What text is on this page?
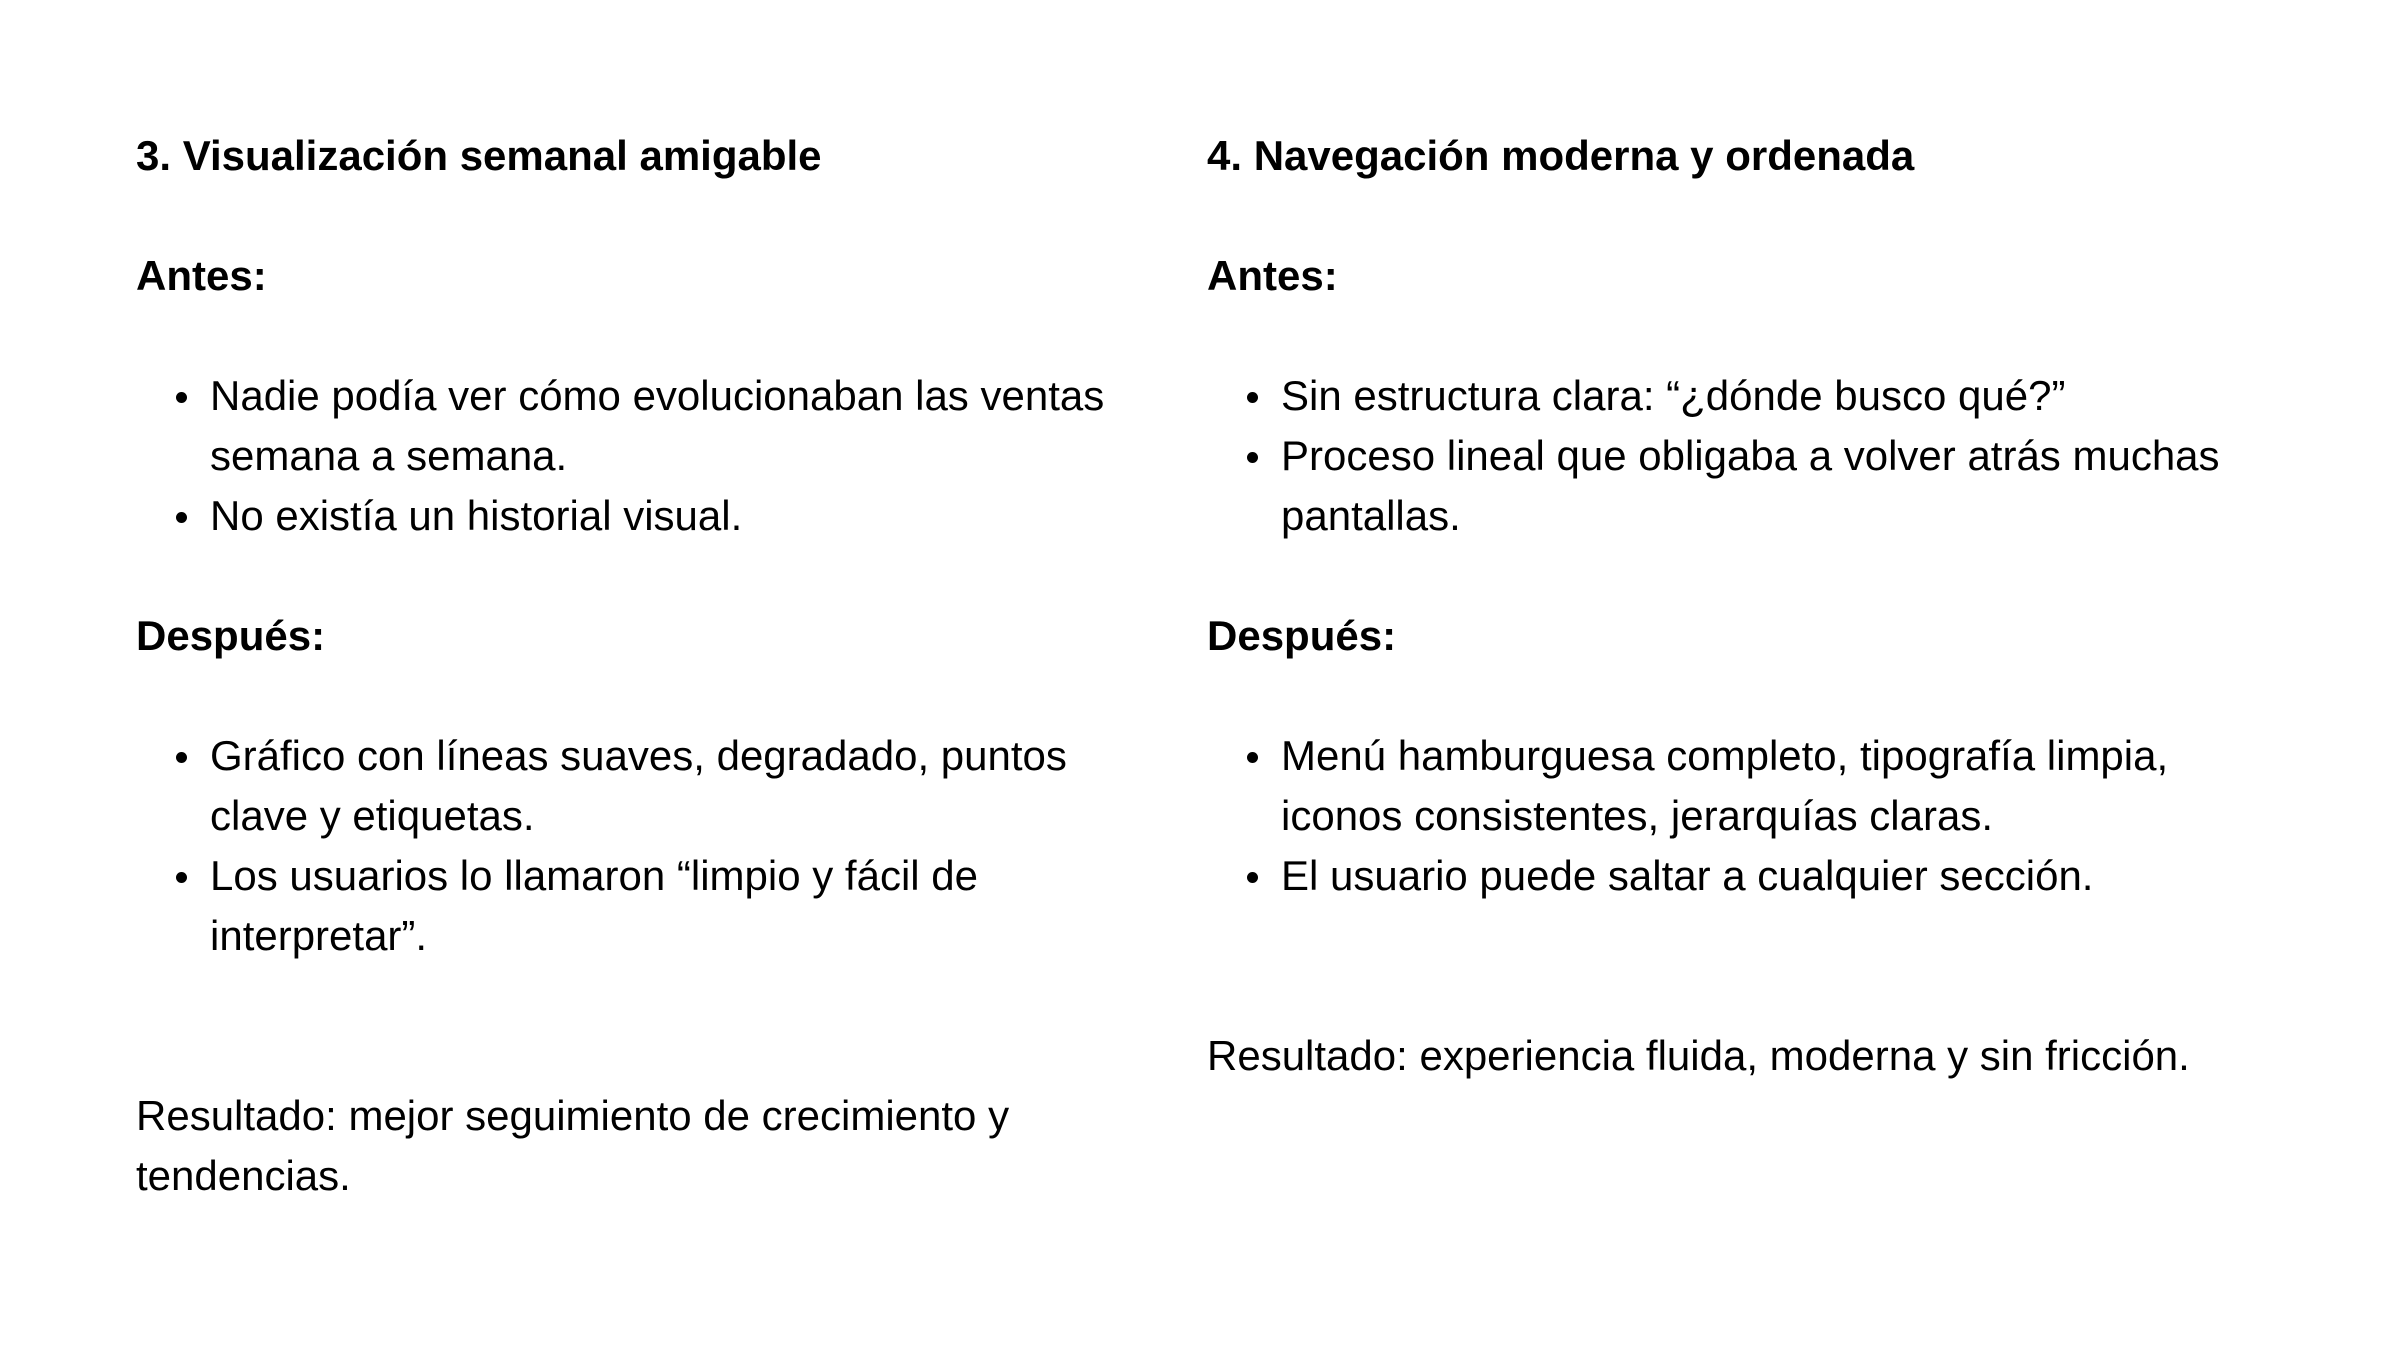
3. Visualización semanal amigable
Antes:
Nadie podía ver cómo evolucionaban las ventas semana a semana.
No existía un historial visual.
Después:
Gráfico con líneas suaves, degradado, puntos clave y etiquetas.
Los usuarios lo llamaron “limpio y fácil de interpretar”.

Resultado: mejor seguimiento de crecimiento y tendencias.

4. Navegación moderna y ordenada
Antes:
Sin estructura clara: “¿dónde busco qué?”
Proceso lineal que obligaba a volver atrás muchas pantallas.
Después:
Menú hamburguesa completo, tipografía limpia, iconos consistentes, jerarquías claras.
El usuario puede saltar a cualquier sección.

Resultado: experiencia fluida, moderna y sin fricción.
